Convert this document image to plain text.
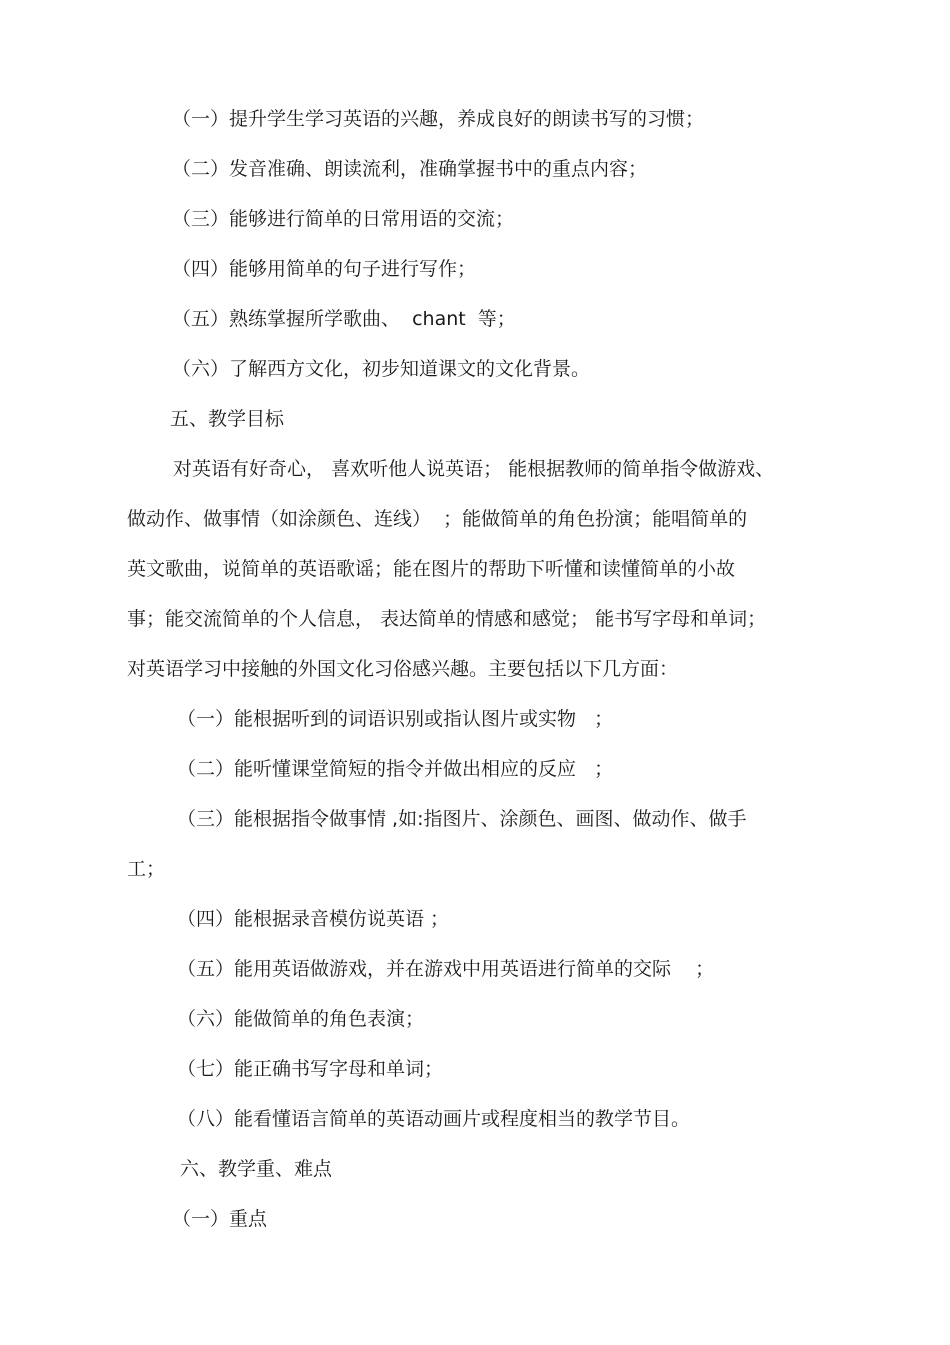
（一）提升学生学习英语的兴趣，养成良好的朗读书写的习惯；

（二）发音准确、朗读流利，准确掌握书中的重点内容；

（三）能够进行简单的日常用语的交流；

（四）能够用简单的句子进行写作；

（五）熟练掌握所学歌曲、  chant  等；

（六）了解西方文化，初步知道课文的文化背景。

五、教学目标

对英语有好奇心， 喜欢听他人说英语； 能根据教师的简单指令做游戏、

做动作、做事情（如涂颜色、连线）  ；能做简单的角色扮演；能唱简单的

英文歌曲，说简单的英语歌谣；能在图片的帮助下听懂和读懂简单的小故

事；能交流简单的个人信息， 表达简单的情感和感觉； 能书写字母和单词；

对英语学习中接触的外国文化习俗感兴趣。主要包括以下几方面：

（一）能根据听到的词语识别或指认图片或实物   ；

（二）能听懂课堂简短的指令并做出相应的反应   ；

（三）能根据指令做事情 ,如:指图片、涂颜色、画图、做动作、做手

工；

（四）能根据录音模仿说英语 ；

（五）能用英语做游戏，并在游戏中用英语进行简单的交际    ；

（六）能做简单的角色表演；

（七）能正确书写字母和单词；

（八）能看懂语言简单的英语动画片或程度相当的教学节目。

六、教学重、难点

（一）重点
